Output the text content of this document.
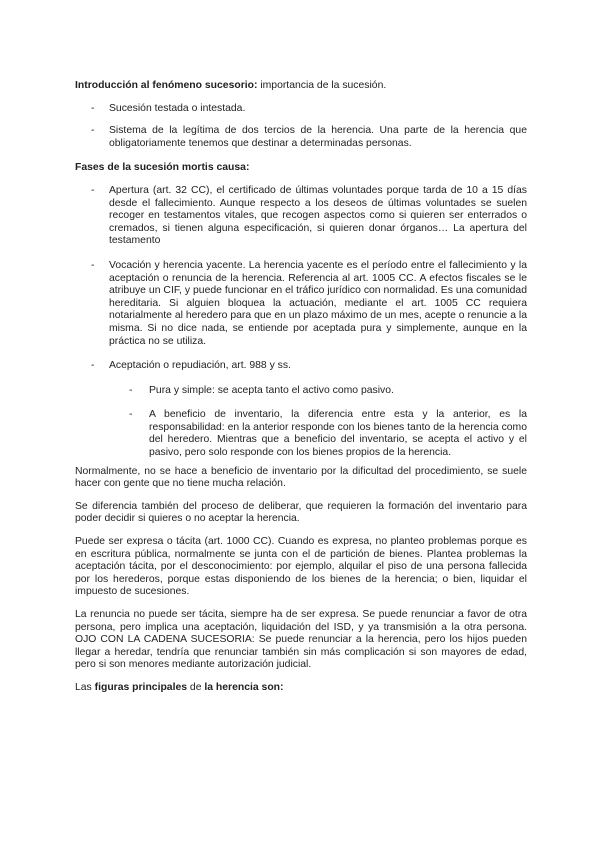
Introducción al fenómeno sucesorio: importancia de la sucesión.

- Sucesión testada o intestada.
- Sistema de la legítima de dos tercios de la herencia. Una parte de la herencia que obligatoriamente tenemos que destinar a determinadas personas.

Fases de la sucesión mortis causa:

- Apertura (art. 32 CC), el certificado de últimas voluntades porque tarda de 10 a 15 días desde el fallecimiento. Aunque respecto a los deseos de últimas voluntades se suelen recoger en testamentos vitales, que recogen aspectos como si quieren ser enterrados o cremados, si tienen alguna especificación, si quieren donar órganos… La apertura del testamento
- Vocación y herencia yacente. La herencia yacente es el período entre el fallecimiento y la aceptación o renuncia de la herencia. Referencia al art. 1005 CC. A efectos fiscales se le atribuye un CIF, y puede funcionar en el tráfico jurídico con normalidad. Es una comunidad hereditaria. Si alguien bloquea la actuación, mediante el art. 1005 CC requiera notarialmente al heredero para que en un plazo máximo de un mes, acepte o renuncie a la misma. Si no dice nada, se entiende por aceptada pura y simplemente, aunque en la práctica no se utiliza.
- Aceptación o repudiación, art. 988 y ss.
- Pura y simple: se acepta tanto el activo como pasivo.
- A beneficio de inventario, la diferencia entre esta y la anterior, es la responsabilidad: en la anterior responde con los bienes tanto de la herencia como del heredero. Mientras que a beneficio del inventario, se acepta el activo y el pasivo, pero solo responde con los bienes propios de la herencia.

Normalmente, no se hace a beneficio de inventario por la dificultad del procedimiento, se suele hacer con gente que no tiene mucha relación.

Se diferencia también del proceso de deliberar, que requieren la formación del inventario para poder decidir si quieres o no aceptar la herencia.

Puede ser expresa o tácita (art. 1000 CC). Cuando es expresa, no planteo problemas porque es en escritura pública, normalmente se junta con el de partición de bienes. Plantea problemas la aceptación tácita, por el desconocimiento: por ejemplo, alquilar el piso de una persona fallecida por los herederos, porque estas disponiendo de los bienes de la herencia; o bien, liquidar el impuesto de sucesiones.

La renuncia no puede ser tácita, siempre ha de ser expresa. Se puede renunciar a favor de otra persona, pero implica una aceptación, liquidación del ISD, y ya transmisión a la otra persona. OJO CON LA CADENA SUCESORIA: Se puede renunciar a la herencia, pero los hijos pueden llegar a heredar, tendría que renunciar también sin más complicación si son mayores de edad, pero si son menores mediante autorización judicial.

Las figuras principales de la herencia son:
